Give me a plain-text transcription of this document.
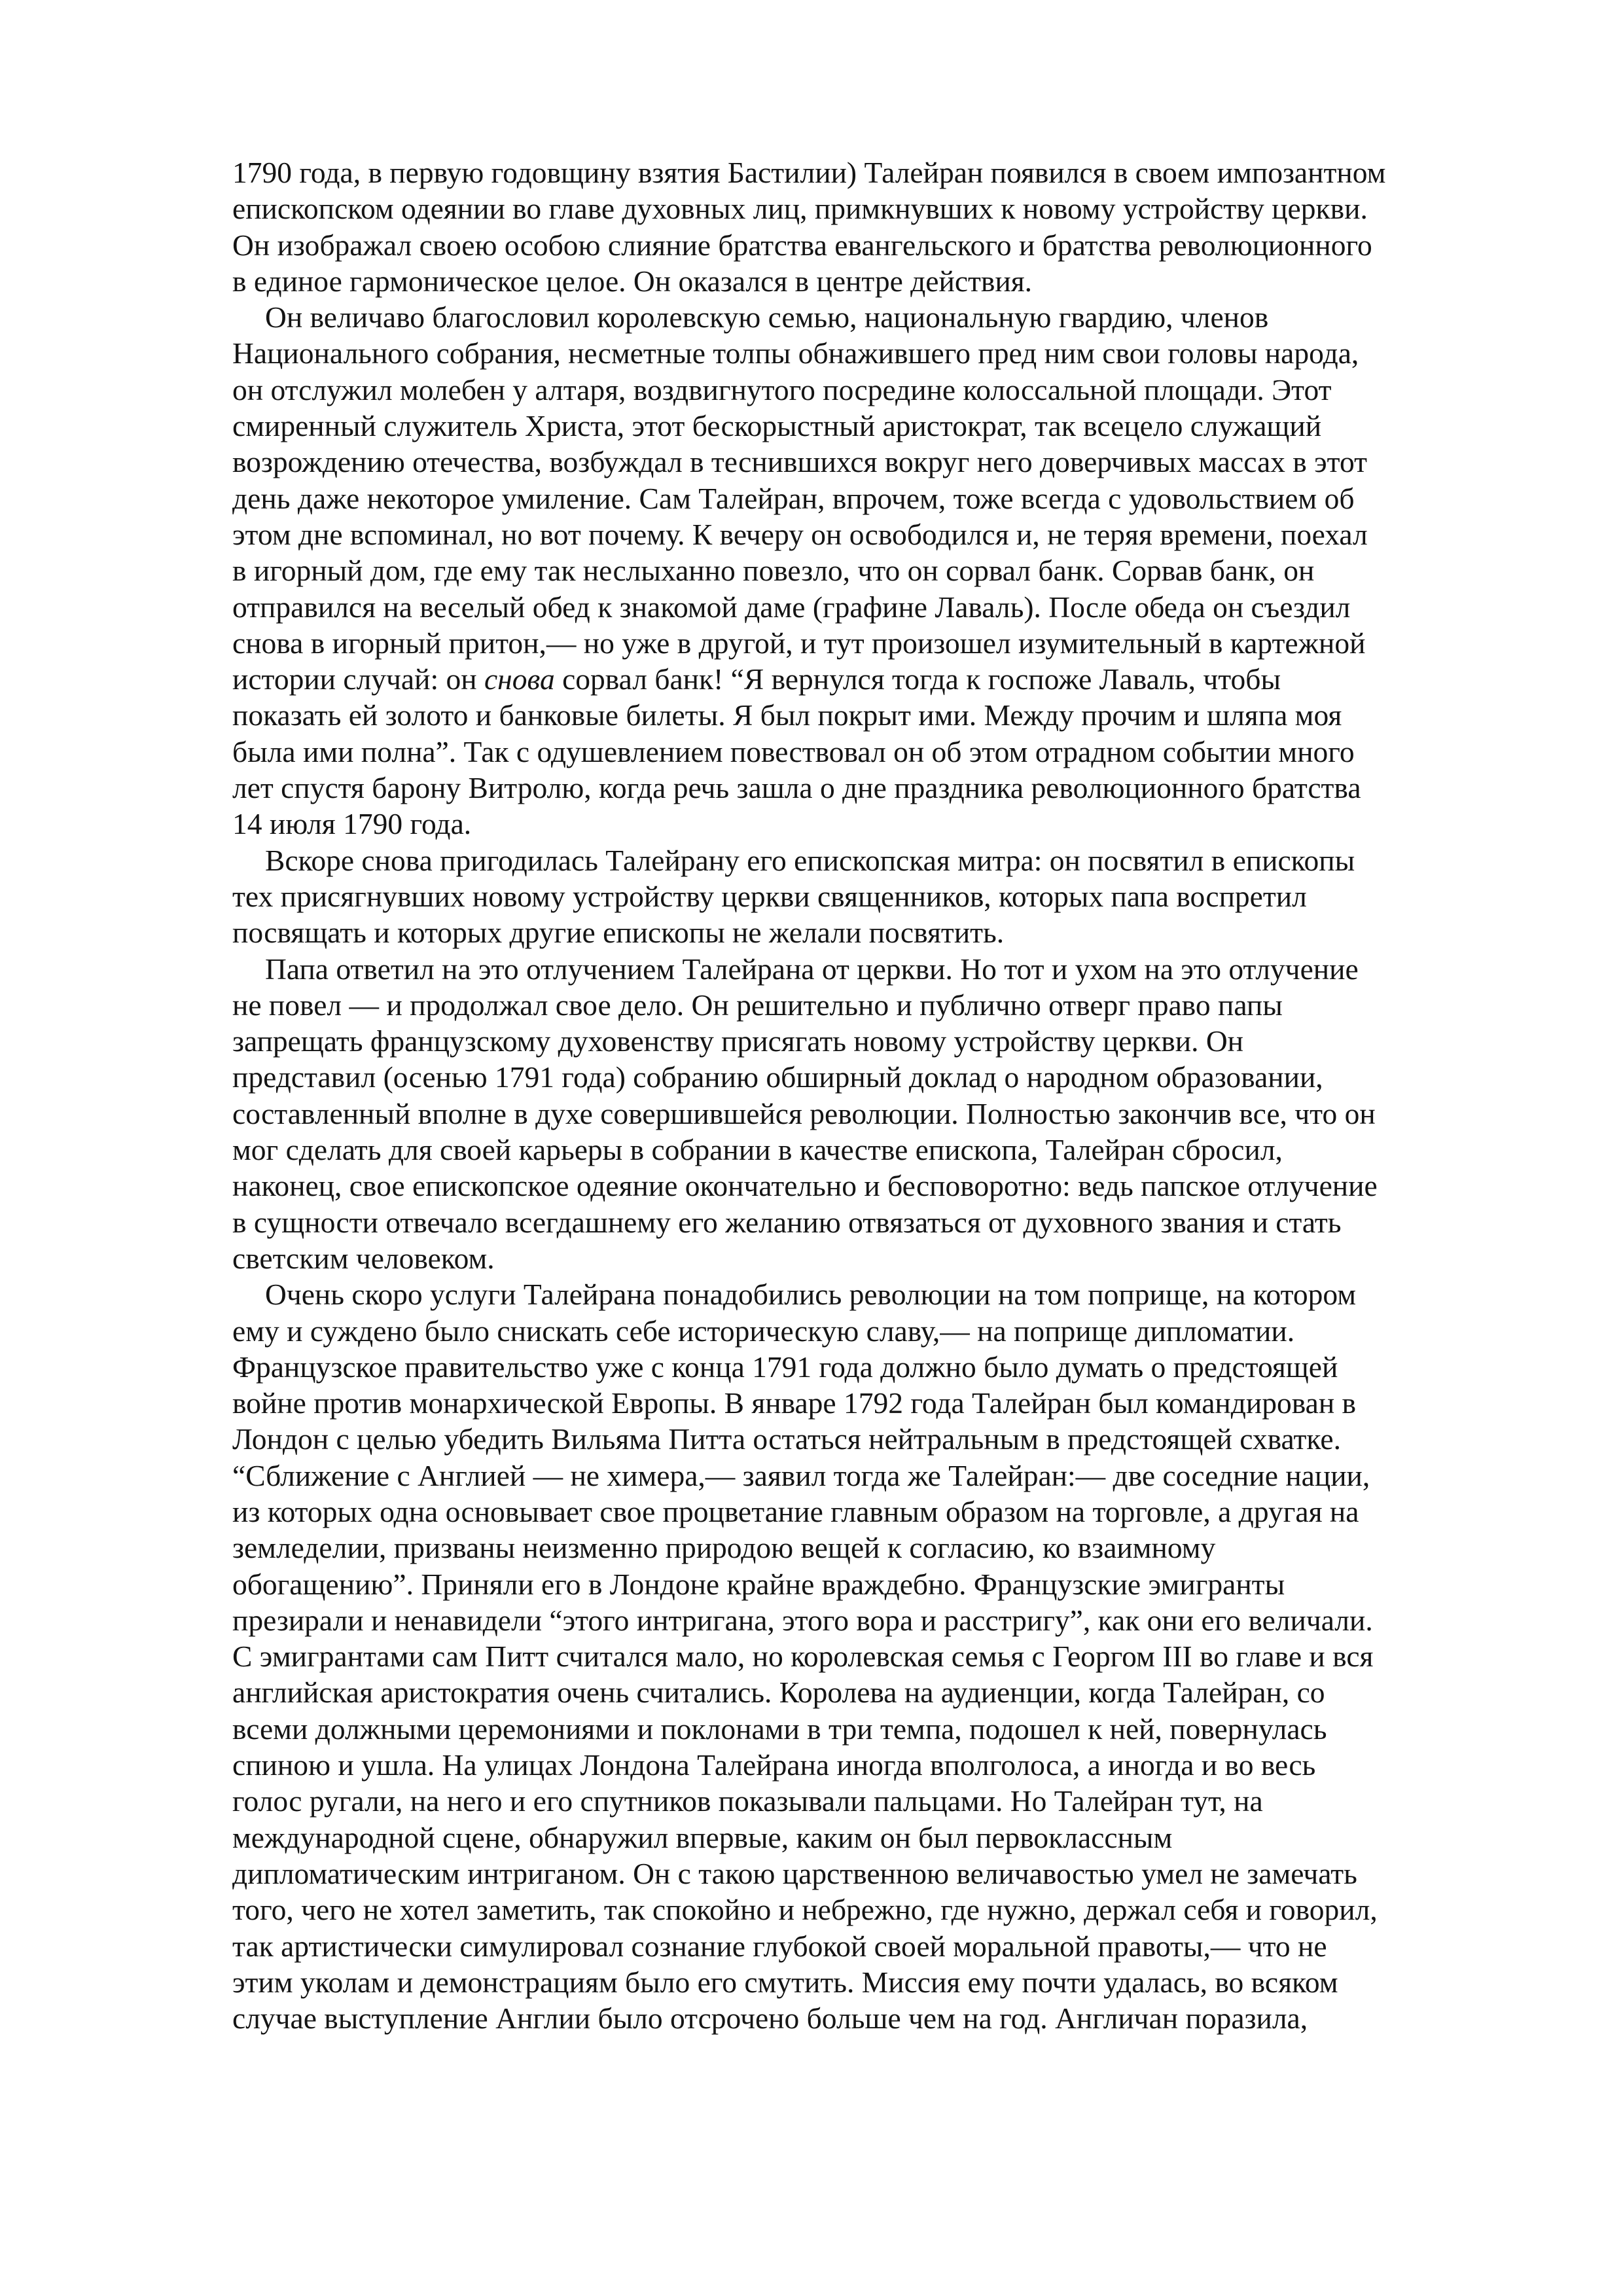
1790 года, в первую годовщину взятия Бастилии) Талейран появился в своем импозантном
епископском одеянии во главе духовных лиц, примкнувших к новому устройству церкви.
Он изображал своею особою слияние братства евангельского и братства революционного
в единое гармоническое целое. Он оказался в центре действия.
Он величаво благословил королевскую семью, национальную гвардию, членов
Национального собрания, несметные толпы обнажившего пред ним свои головы народа,
он отслужил молебен у алтаря, воздвигнутого посредине колоссальной площади. Этот
смиренный служитель Христа, этот бескорыстный аристократ, так всецело служащий
возрождению отечества, возбуждал в теснившихся вокруг него доверчивых массах в этот
день даже некоторое умиление. Сам Талейран, впрочем, тоже всегда с удовольствием об
этом дне вспоминал, но вот почему. К вечеру он освободился и, не теряя времени, поехал
в игорный дом, где ему так неслыханно повезло, что он сорвал банк. Сорвав банк, он
отправился на веселый обед к знакомой даме (графине Лаваль). После обеда он съездил
снова в игорный притон,— но уже в другой, и тут произошел изумительный в картежной
истории случай: он снова сорвал банк! “Я вернулся тогда к госпоже Лаваль, чтобы
показать ей золото и банковые билеты. Я был покрыт ими. Между прочим и шляпа моя
была ими полна”. Так с одушевлением повествовал он об этом отрадном событии много
лет спустя барону Витролю, когда речь зашла о дне праздника революционного братства
14 июля 1790 года.
Вскоре снова пригодилась Талейрану его епископская митра: он посвятил в епископы
тех присягнувших новому устройству церкви священников, которых папа воспретил
посвящать и которых другие епископы не желали посвятить.
Папа ответил на это отлучением Талейрана от церкви. Но тот и ухом на это отлучение
не повел — и продолжал свое дело. Он решительно и публично отверг право папы
запрещать французскому духовенству присягать новому устройству церкви. Он
представил (осенью 1791 года) собранию обширный доклад о народном образовании,
составленный вполне в духе совершившейся революции. Полностью закончив все, что он
мог сделать для своей карьеры в собрании в качестве епископа, Талейран сбросил,
наконец, свое епископское одеяние окончательно и бесповоротно: ведь папское отлучение
в сущности отвечало всегдашнему его желанию отвязаться от духовного звания и стать
светским человеком.
Очень скоро услуги Талейрана понадобились революции на том поприще, на котором
ему и суждено было снискать себе историческую славу,— на поприще дипломатии.
Французское правительство уже с конца 1791 года должно было думать о предстоящей
войне против монархической Европы. В январе 1792 года Талейран был командирован в
Лондон с целью убедить Вильяма Питта остаться нейтральным в предстоящей схватке.
“Сближение с Англией — не химера,— заявил тогда же Талейран:— две соседние нации,
из которых одна основывает свое процветание главным образом на торговле, а другая на
земледелии, призваны неизменно природою вещей к согласию, ко взаимному
обогащению”. Приняли его в Лондоне крайне враждебно. Французские эмигранты
презирали и ненавидели “этого интригана, этого вора и расстригу”, как они его величали.
С эмигрантами сам Питт считался мало, но королевская семья с Георгом III во главе и вся
английская аристократия очень считались. Королева на аудиенции, когда Талейран, со
всеми должными церемониями и поклонами в три темпа, подошел к ней, повернулась
спиною и ушла. На улицах Лондона Талейрана иногда вполголоса, а иногда и во весь
голос ругали, на него и его спутников показывали пальцами. Но Талейран тут, на
международной сцене, обнаружил впервые, каким он был первоклассным
дипломатическим интриганом. Он с такою царственною величавостью умел не замечать
того, чего не хотел заметить, так спокойно и небрежно, где нужно, держал себя и говорил,
так артистически симулировал сознание глубокой своей моральной правоты,— что не
этим уколам и демонстрациям было его смутить. Миссия ему почти удалась, во всяком
случае выступление Англии было отсрочено больше чем на год. Англичан поразила,
